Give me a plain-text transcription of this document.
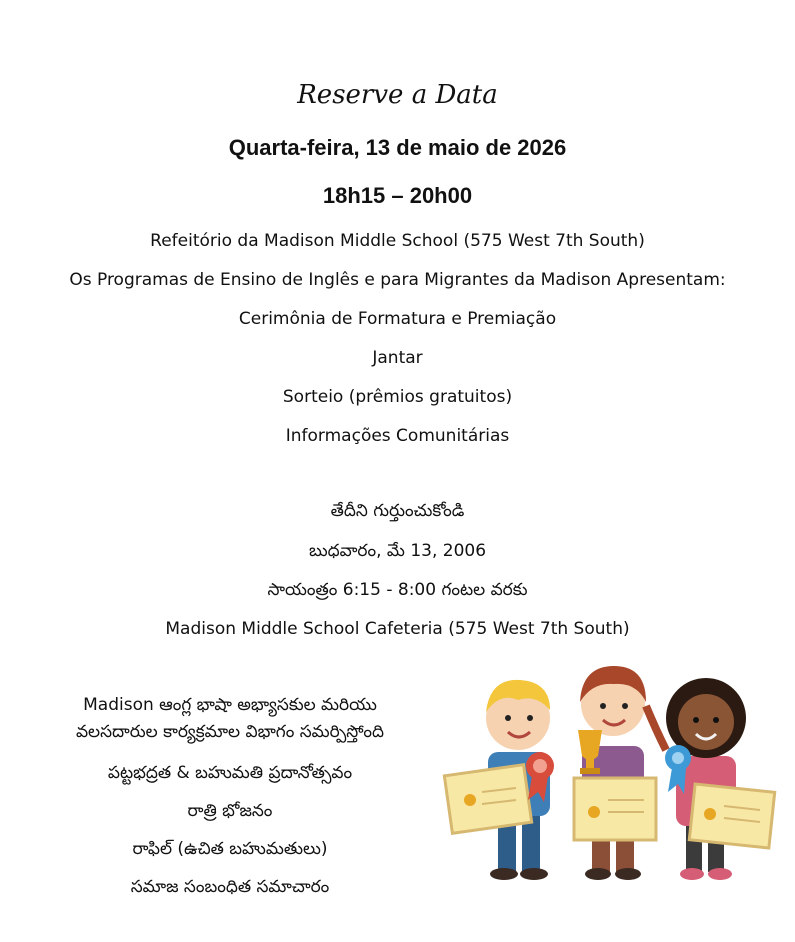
Reserve a Data
Quarta-feira, 13 de maio de 2026
18h15 – 20h00
Refeitório da Madison Middle School (575 West 7th South)
Os Programas de Ensino de Inglês e para Migrantes da Madison Apresentam:
Cerimônia de Formatura e Premiação
Jantar
Sorteio (prêmios gratuitos)
Informações Comunitárias
తేదీని గుర్తుంచుకోండి
బుధవారం, మే 13, 2006
సాయంత్రం 6:15 - 8:00 గంటల వరకు
Madison Middle School Cafeteria (575 West 7th South)
Madison ఆంగ్ల భాషా అభ్యాసకుల మరియు
వలసదారుల కార్యక్రమాల విభాగం సమర్పిస్తోంది
పట్టభద్రత & బహుమతి ప్రదానోత్సవం
రాత్రి భోజనం
రాఫిల్ (ఉచిత బహుమతులు)
సమాజ సంబంధిత సమాచారం
